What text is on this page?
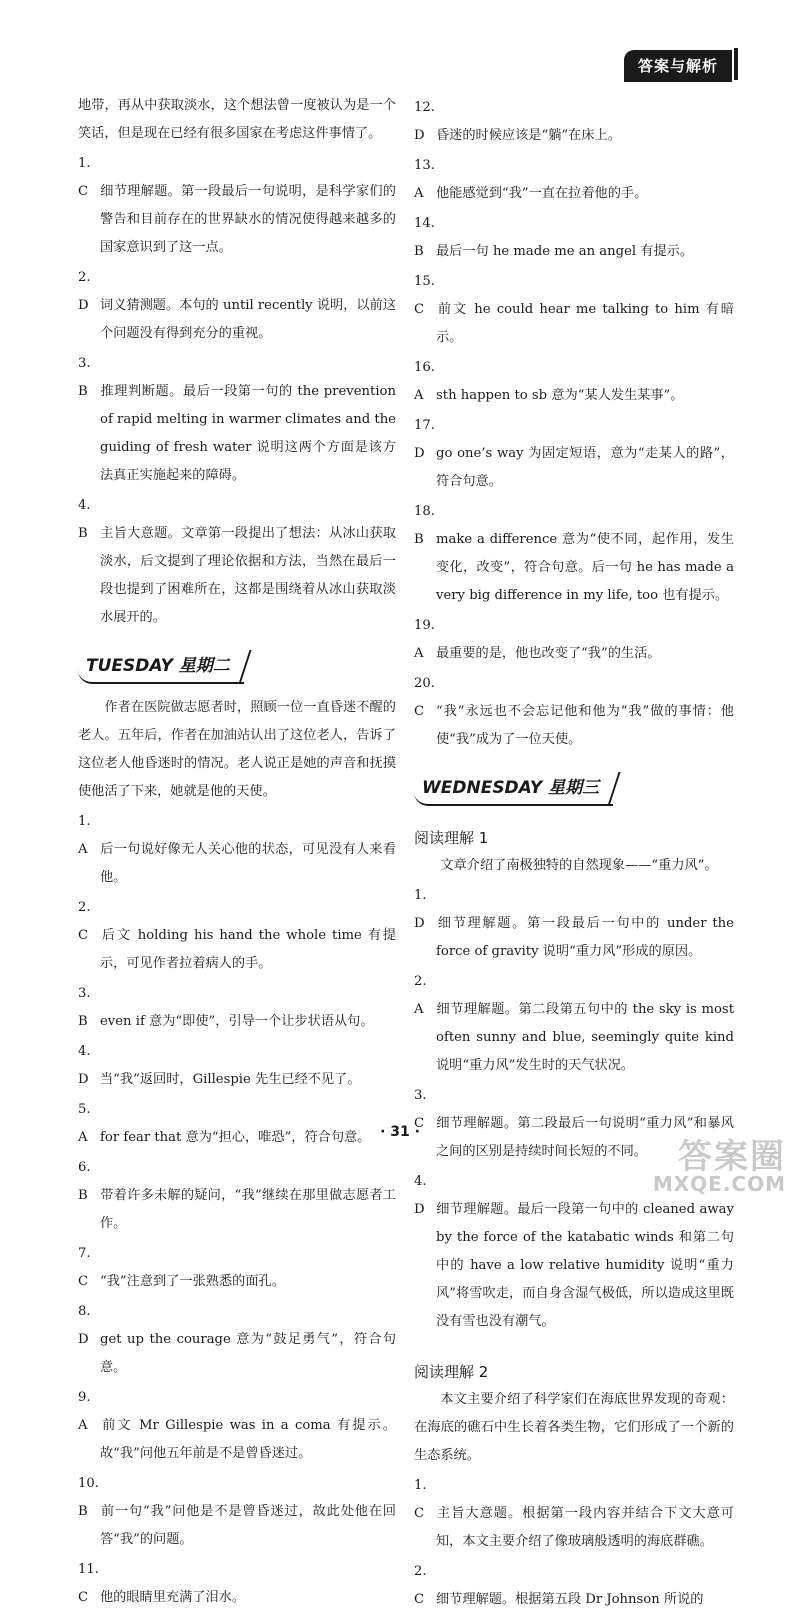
答案与解析

地带，再从中获取淡水，这个想法曾一度被认为是一个笑话，但是现在已经有很多国家在考虑这件事情了。

1. C 细节理解题。第一段最后一句说明，是科学家们的警告和目前存在的世界缺水的情况使得越来越多的国家意识到了这一点。

2. D 词义猜测题。本句的 until recently 说明，以前这个问题没有得到充分的重视。

3. B 推理判断题。最后一段第一句的 the prevention of rapid melting in warmer climates and the guiding of fresh water 说明这两个方面是该方法真正实施起来的障碍。

4. B 主旨大意题。文章第一段提出了想法：从冰山获取淡水，后文提到了理论依据和方法，当然在最后一段也提到了困难所在，这都是围绕着从冰山获取淡水展开的。

TUESDAY 星期二

作者在医院做志愿者时，照顾一位一直昏迷不醒的老人。五年后，作者在加油站认出了这位老人，告诉了这位老人他昏迷时的情况。老人说正是她的声音和抚摸使他活了下来，她就是他的天使。

1. A 后一句说好像无人关心他的状态，可见没有人来看他。

2. C 后文 holding his hand the whole time 有提示，可见作者拉着病人的手。

3. B even if 意为“即使”，引导一个让步状语从句。

4. D 当“我”返回时，Gillespie 先生已经不见了。

5. A for fear that 意为“担心，唯恐”，符合句意。

6. B 带着许多未解的疑问，“我”继续在那里做志愿者工作。

7. C “我”注意到了一张熟悉的面孔。

8. D get up the courage 意为“鼓足勇气”，符合句意。

9. A 前文 Mr Gillespie was in a coma 有提示。故“我”问他五年前是不是曾昏迷过。

10. B 前一句“我”问他是不是曾昏迷过，故此处他在回答“我”的问题。

11. C 他的眼睛里充满了泪水。

12. D 昏迷的时候应该是“躺”在床上。

13. A 他能感觉到“我”一直在拉着他的手。

14. B 最后一句 he made me an angel 有提示。

15. C 前文 he could hear me talking to him 有暗示。

16. A sth happen to sb 意为“某人发生某事”。

17. D go one’s way 为固定短语，意为“走某人的路”，符合句意。

18. B make a difference 意为“使不同，起作用，发生变化，改变”，符合句意。后一句 he has made a very big difference in my life, too 也有提示。

19. A 最重要的是，他也改变了“我”的生活。

20. C “我”永远也不会忘记他和他为“我”做的事情：他使“我”成为了一位天使。

WEDNESDAY 星期三
阅读理解 1

文章介绍了南极独特的自然现象——“重力风”。

1. D 细节理解题。第一段最后一句中的 under the force of gravity 说明“重力风”形成的原因。

2. A 细节理解题。第二段第五句中的 the sky is most often sunny and blue, seemingly quite kind 说明“重力风”发生时的天气状况。

3. C 细节理解题。第二段最后一句说明“重力风”和暴风之间的区别是持续时间长短的不同。

4. D 细节理解题。最后一段第一句中的 cleaned away by the force of the katabatic winds 和第二句中的 have a low relative humidity 说明“重力风”将雪吹走，而自身含湿气极低，所以造成这里既没有雪也没有潮气。

阅读理解 2

本文主要介绍了科学家们在海底世界发现的奇观：在海底的礁石中生长着各类生物，它们形成了一个新的生态系统。

1. C 主旨大意题。根据第一段内容并结合下文大意可知，本文主要介绍了像玻璃般透明的海底群礁。

2. C 细节理解题。根据第五段 Dr Johnson 所说的

· 31 ·
答案圈
MXQE.COM
